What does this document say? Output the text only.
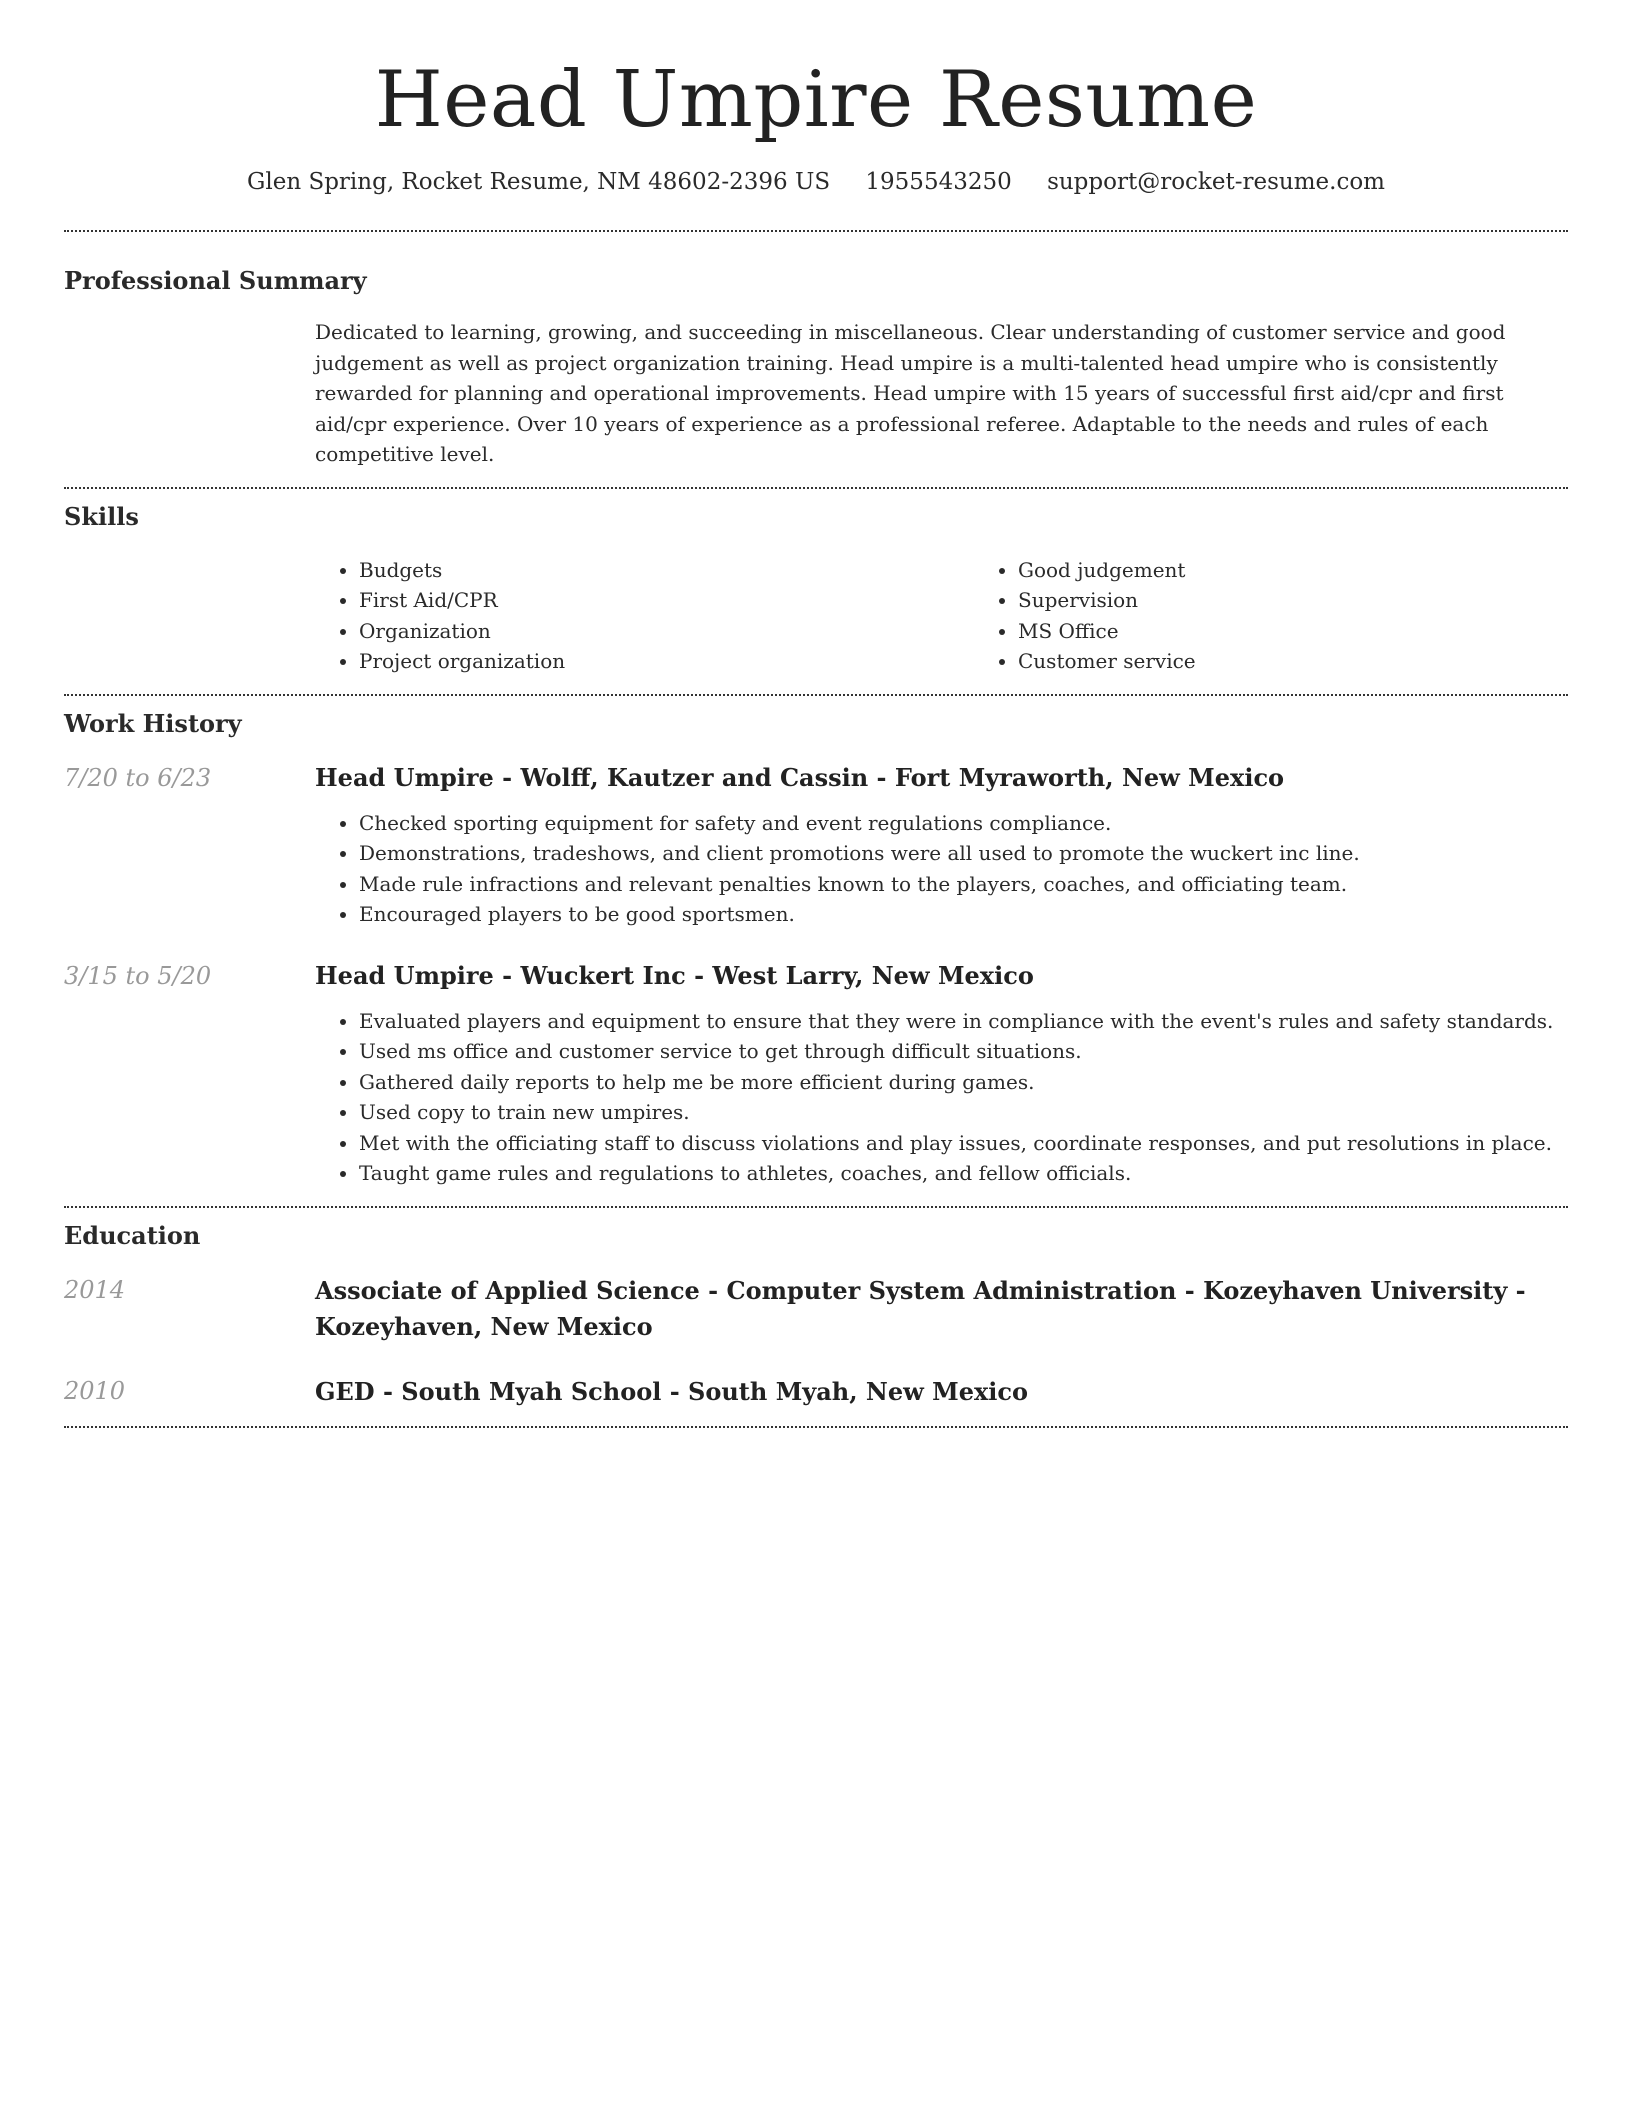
Head Umpire Resume
Glen Spring, Rocket Resume, NM 48602-2396 US 1955543250 support@rocket-resume.com
Professional Summary
Dedicated to learning, growing, and succeeding in miscellaneous. Clear understanding of customer service and good judgement as well as project organization training. Head umpire is a multi-talented head umpire who is consistently rewarded for planning and operational improvements. Head umpire with 15 years of successful first aid/cpr and first aid/cpr experience. Over 10 years of experience as a professional referee. Adaptable to the needs and rules of each competitive level.
Skills
• Budgets
• First Aid/CPR
• Organization
• Project organization
• Good judgement
• Supervision
• MS Office
• Customer service
Work History
7/20 to 6/23	Head Umpire - Wolff, Kautzer and Cassin - Fort Myraworth, New Mexico
• Checked sporting equipment for safety and event regulations compliance.
• Demonstrations, tradeshows, and client promotions were all used to promote the wuckert inc line.
• Made rule infractions and relevant penalties known to the players, coaches, and officiating team.
• Encouraged players to be good sportsmen.
3/15 to 5/20	Head Umpire - Wuckert Inc - West Larry, New Mexico
• Evaluated players and equipment to ensure that they were in compliance with the event's rules and safety standards.
• Used ms office and customer service to get through difficult situations.
• Gathered daily reports to help me be more efficient during games.
• Used copy to train new umpires.
• Met with the officiating staff to discuss violations and play issues, coordinate responses, and put resolutions in place.
• Taught game rules and regulations to athletes, coaches, and fellow officials.
Education
2014	Associate of Applied Science - Computer System Administration - Kozeyhaven University - Kozeyhaven, New Mexico
2010	GED - South Myah School - South Myah, New Mexico
